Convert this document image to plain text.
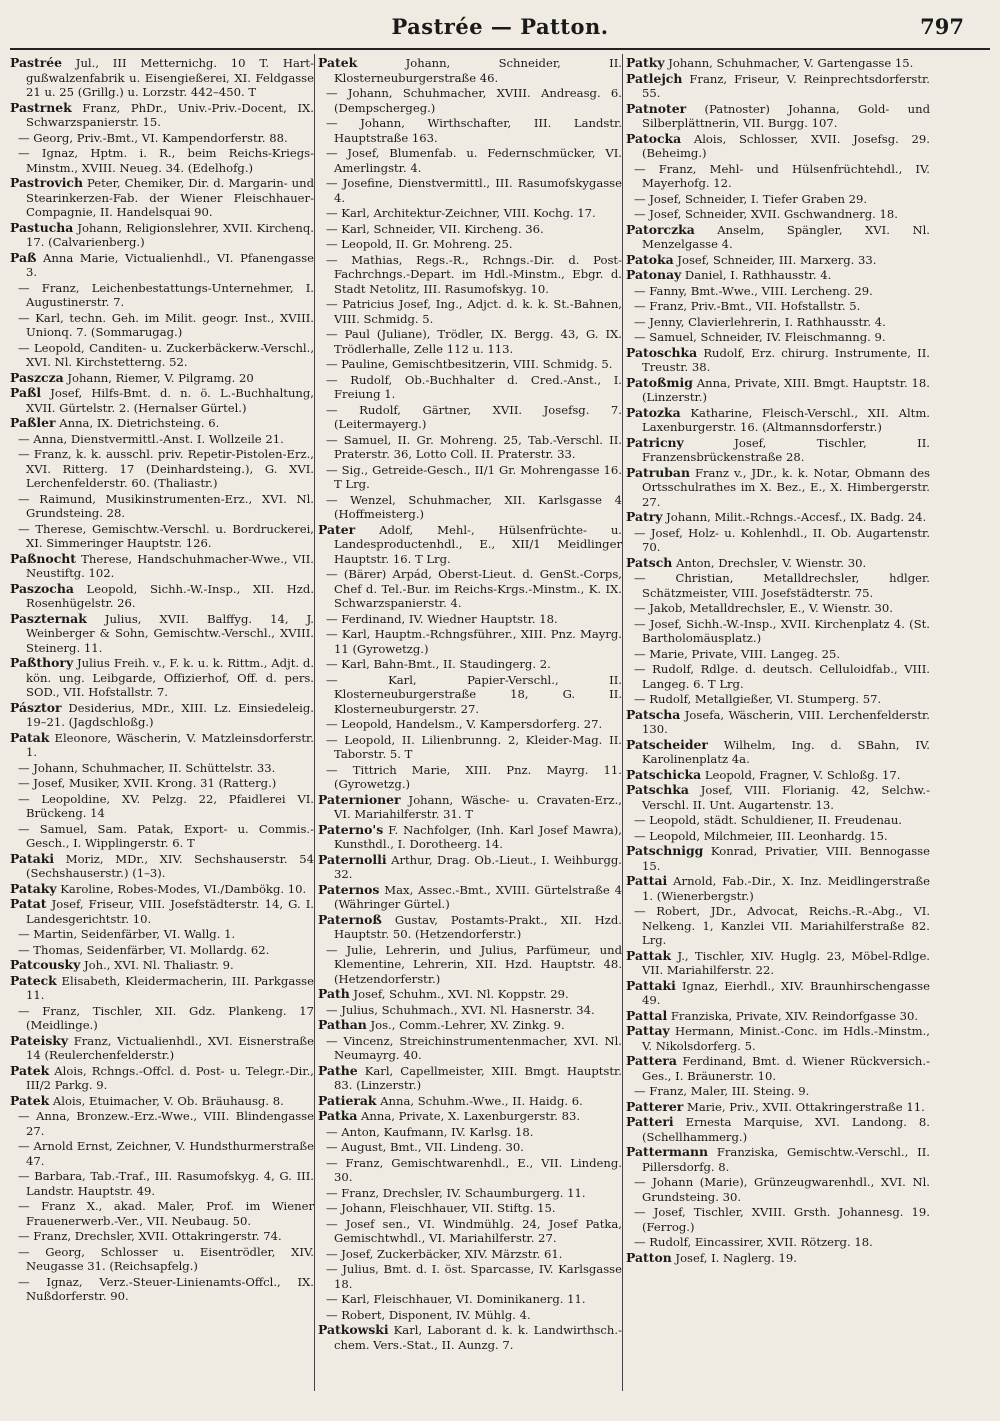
Pastrée — Patton.	797
Pastrée Jul., III Metternichg. 10 T. Hart-gußwalzenfabrik u. Eisengießerei, XI. Feldgasse 21 u. 25 (Grillg.) u. Lorzstr. 442–450. T
Pastrnek Franz, PhDr., Univ.-Priv.-Docent, IX. Schwarzspanierstr. 15.
— Georg, Priv.-Bmt., VI. Kampendorferstr. 88.
— Ignaz, Hptm. i. R., beim Reichs-Kriegs-Minstm., XVIII. Neueg. 34. (Edelhofg.)
Pastrovich Peter, Chemiker, Dir. d. Margarin- und Stearinkerzen-Fab. der Wiener Fleischhauer-Compagnie, II. Handelsquai 90.
Pastucha Johann, Religionslehrer, XVII. Kirchenq. 17. (Calvarienberg.)
Paß Anna Marie, Victualienhdl., VI. Pfanengasse 3.
— Franz, Leichenbestattungs-Unternehmer, I. Augustinerstr. 7.
— Karl, techn. Geh. im Milit. geogr. Inst., XVIII. Unionq. 7. (Sommarugag.)
— Leopold, Canditen- u. Zuckerbäckerw.-Verschl., XVI. Nl. Kirchstetterng. 52.
Paszcza Johann, Riemer, V. Pilgramg. 20
Paßl Josef, Hilfs-Bmt. d. n. ö. L.-Buchhaltung, XVII. Gürtelstr. 2. (Hernalser Gürtel.)
Paßler Anna, IX. Dietrichsteing. 6.
— Anna, Dienstvermittl.-Anst. I. Wollzeile 21.
— Franz, k. k. ausschl. priv. Repetir-Pistolen-Erz., XVI. Ritterg. 17 (Deinhardsteing.), G. XVI. Lerchenfelderstr. 60. (Thaliastr.)
— Raimund, Musikinstrumenten-Erz., XVI. Nl. Grundsteing. 28.
— Therese, Gemischtw.-Verschl. u. Bordruckerei, XI. Simmeringer Hauptstr. 126.
Paßnocht Therese, Handschuhmacher-Wwe., VII. Neustiftg. 102.
Paszocha Leopold, Sichh.-W.-Insp., XII. Hzd. Rosenhügelstr. 26.
Paszternak Julius, XVII. Balffyg. 14, J. Weinberger & Sohn, Gemischtw.-Verschl., XVIII. Steinerg. 11.
Paßthory Julius Freih. v., F. k. u. k. Rittm., Adjt. d. kön. ung. Leibgarde, Offizierhof, Off. d. pers. SOD., VII. Hofstallstr. 7.
Pásztor Desiderius, MDr., XIII. Lz. Einsiedeleig. 19–21. (Jagdschloßg.)
Patak Eleonore, Wäscherin, V. Matzleinsdorferstr. 1.
— Johann, Schuhmacher, II. Schüttelstr. 33.
— Josef, Musiker, XVII. Krong. 31 (Ratterg.)
— Leopoldine, XV. Pelzg. 22, Pfaidlerei VI. Brückeng. 14
— Samuel, Sam. Patak, Export- u. Commis.-Gesch., I. Wipplingerstr. 6. T
Pataki Moriz, MDr., XIV. Sechshauserstr. 54 (Sechshauserstr.) (1–3).
Pataky Karoline, Robes-Modes, VI./Dambökg. 10.
Patat Josef, Friseur, VIII. Josefstädterstr. 14, G. I. Landesgerichtstr. 10.
— Martin, Seidenfärber, VI. Wallg. 1.
— Thomas, Seidenfärber, VI. Mollardg. 62.
Patcousky Joh., XVI. Nl. Thaliastr. 9.
Pateck Elisabeth, Kleidermacherin, III. Parkgasse 11.
— Franz, Tischler, XII. Gdz. Plankeng. 17 (Meidlinge.)
Pateisky Franz, Victualienhdl., XVI. Eisnerstraße 14 (Reulerchenfelderstr.)
Patek Alois, Rchngs.-Offcl. d. Post- u. Telegr.-Dir., III/2 Parkg. 9.
Patek Alois, Etuimacher, V. Ob. Bräuhausg. 8.
— Anna, Bronzew.-Erz.-Wwe., VIII. Blindengasse 27.
— Arnold Ernst, Zeichner, V. Hundsthurmerstraße 47.
— Barbara, Tab.-Traf., III. Rasumofskyg. 4, G. III. Landstr. Hauptstr. 49.
— Franz X., akad. Maler, Prof. im Wiener Frauenerwerb.-Ver., VII. Neubaug. 50.
— Franz, Drechsler, XVII. Ottakringerstr. 74.
— Georg, Schlosser u. Eisentrödler, XIV. Neugasse 31. (Reichsapfelg.)
— Ignaz, Verz.-Steuer-Linienamts-Offcl., IX. Nußdorferstr. 90.
Patek Johann, Schneider, II. Klosterneuburgerstraße 46.
— Johann, Schuhmacher, XVIII. Andreasg. 6. (Dempschergeg.)
— Johann, Wirthschafter, III. Landstr. Hauptstraße 163.
— Josef, Blumenfab. u. Federnschmücker, VI. Amerlingstr. 4.
— Josefine, Dienstvermittl., III. Rasumofskygasse 4.
— Karl, Architektur-Zeichner, VIII. Kochg. 17.
— Karl, Schneider, VII. Kircheng. 36.
— Leopold, II. Gr. Mohreng. 25.
— Mathias, Regs.-R., Rchngs.-Dir. d. Post-Fachrchngs.-Depart. im Hdl.-Minstm., Ebgr. d. Stadt Netolitz, III. Rasumofskyg. 10.
— Patricius Josef, Ing., Adjct. d. k. k. St.-Bahnen, VIII. Schmidg. 5.
— Paul (Juliane), Trödler, IX. Bergg. 43, G. IX. Trödlerhalle, Zelle 112 u. 113.
— Pauline, Gemischtbesitzerin, VIII. Schmidg. 5.
— Rudolf, Ob.-Buchhalter d. Cred.-Anst., I. Freiung 1.
— Rudolf, Gärtner, XVII. Josefsg. 7. (Leitermayerg.)
— Samuel, II. Gr. Mohreng. 25, Tab.-Verschl. II. Praterstr. 36, Lotto Coll. II. Praterstr. 33.
— Sig., Getreide-Gesch., II/1 Gr. Mohrengasse 16. T Lrg.
— Wenzel, Schuhmacher, XII. Karlsgasse 4 (Hoffmeisterg.)
Pater Adolf, Mehl-, Hülsenfrüchte- u. Landesproductenhdl., E., XII/1 Meidlinger Hauptstr. 16. T Lrg.
— (Bärer) Arpád, Oberst-Lieut. d. GenSt.-Corps, Chef d. Tel.-Bur. im Reichs-Krgs.-Minstm., K. IX. Schwarzspanierstr. 4.
— Ferdinand, IV. Wiedner Hauptstr. 18.
— Karl, Hauptm.-Rchngsführer., XIII. Pnz. Mayrg. 11 (Gyrowetzg.)
— Karl, Bahn-Bmt., II. Staudingerg. 2.
— Karl, Papier-Verschl., II. Klosterneuburgerstraße 18, G. II. Klosterneuburgerstr. 27.
— Leopold, Handelsm., V. Kampersdorferg. 27.
— Leopold, II. Lilienbrunng. 2, Kleider-Mag. II. Taborstr. 5. T
— Tittrich Marie, XIII. Pnz. Mayrg. 11. (Gyrowetzg.)
Paternioner Johann, Wäsche- u. Cravaten-Erz., VI. Mariahilferstr. 31. T
Paterno's F. Nachfolger, (Inh. Karl Josef Mawra), Kunsthdl., I. Dorotheerg. 14.
Paternolli Arthur, Drag. Ob.-Lieut., I. Weihburgg. 32.
Paternos Max, Assec.-Bmt., XVIII. Gürtelstraße 4 (Währinger Gürtel.)
Paternoß Gustav, Postamts-Prakt., XII. Hzd. Hauptstr. 50. (Hetzendorferstr.)
— Julie, Lehrerin, und Julius, Parfümeur, und Klementine, Lehrerin, XII. Hzd. Hauptstr. 48. (Hetzendorferstr.)
Path Josef, Schuhm., XVI. Nl. Koppstr. 29.
— Julius, Schuhmach., XVI. Nl. Hasnerstr. 34.
Pathan Jos., Comm.-Lehrer, XV. Zinkg. 9.
— Vincenz, Streichinstrumentenmacher, XVI. Nl. Neumayrg. 40.
Pathe Karl, Capellmeister, XIII. Bmgt. Hauptstr. 83. (Linzerstr.)
Patierak Anna, Schuhm.-Wwe., II. Haidg. 6.
Patka Anna, Private, X. Laxenburgerstr. 83.
— Anton, Kaufmann, IV. Karlsg. 18.
— August, Bmt., VII. Lindeng. 30.
— Franz, Gemischtwarenhdl., E., VII. Lindeng. 30.
— Franz, Drechsler, IV. Schaumburgerg. 11.
— Johann, Fleischhauer, VII. Stiftg. 15.
— Josef sen., VI. Windmühlg. 24, Josef Patka, Gemischtwhdl., VI. Mariahilferstr. 27.
— Josef, Zuckerbäcker, XIV. Märzstr. 61.
— Julius, Bmt. d. I. öst. Sparcasse, IV. Karlsgasse 18.
— Karl, Fleischhauer, VI. Dominikanerg. 11.
— Robert, Disponent, IV. Mühlg. 4.
Patkowski Karl, Laborant d. k. k. Landwirthsch.-chem. Vers.-Stat., II. Aunzg. 7.
Patky Johann, Schuhmacher, V. Gartengasse 15.
Patlejch Franz, Friseur, V. Reinprechtsdorferstr. 55.
Patnoter (Patnoster) Johanna, Gold- und Silberplättnerin, VII. Burgg. 107.
Patocka Alois, Schlosser, XVII. Josefsg. 29. (Beheimg.)
— Franz, Mehl- und Hülsenfrüchtehdl., IV. Mayerhofg. 12.
— Josef, Schneider, I. Tiefer Graben 29.
— Josef, Schneider, XVII. Gschwandnerg. 18.
Patorczka Anselm, Spängler, XVI. Nl. Menzelgasse 4.
Patoka Josef, Schneider, III. Marxerg. 33.
Patonay Daniel, I. Rathhausstr. 4.
— Fanny, Bmt.-Wwe., VIII. Lercheng. 29.
— Franz, Priv.-Bmt., VII. Hofstallstr. 5.
— Jenny, Clavierlehrerin, I. Rathhausstr. 4.
— Samuel, Schneider, IV. Fleischmanng. 9.
Patoschka Rudolf, Erz. chirurg. Instrumente, II. Treustr. 38.
Patoßmig Anna, Private, XIII. Bmgt. Hauptstr. 18. (Linzerstr.)
Patozka Katharine, Fleisch-Verschl., XII. Altm. Laxenburgerstr. 16. (Altmannsdorferstr.)
Patricny Josef, Tischler, II. Franzensbrückenstraße 28.
Patruban Franz v., JDr., k. k. Notar, Obmann des Ortsschulrathes im X. Bez., E., X. Himbergerstr. 27.
Patry Johann, Milit.-Rchngs.-Accesf., IX. Badg. 24.
— Josef, Holz- u. Kohlenhdl., II. Ob. Augartenstr. 70.
Patsch Anton, Drechsler, V. Wienstr. 30.
— Christian, Metalldrechsler, hdlger. Schätzmeister, VIII. Josefstädterstr. 75.
— Jakob, Metalldrechsler, E., V. Wienstr. 30.
— Josef, Sichh.-W.-Insp., XVII. Kirchenplatz 4. (St. Bartholomäusplatz.)
— Marie, Private, VIII. Langeg. 25.
— Rudolf, Rdlge. d. deutsch. Celluloidfab., VIII. Langeg. 6. T Lrg.
— Rudolf, Metallgießer, VI. Stumperg. 57.
Patscha Josefa, Wäscherin, VIII. Lerchenfelderstr. 130.
Patscheider Wilhelm, Ing. d. SBahn, IV. Karolinenplatz 4a.
Patschicka Leopold, Fragner, V. Schloßg. 17.
Patschka Josef, VIII. Florianig. 42, Selchw.-Verschl. II. Unt. Augartenstr. 13.
— Leopold, städt. Schuldiener, II. Freudenau.
— Leopold, Milchmeier, III. Leonhardg. 15.
Patschnigg Konrad, Privatier, VIII. Bennogasse 15.
Pattai Arnold, Fab.-Dir., X. Inz. Meidlingerstraße 1. (Wienerbergstr.)
— Robert, JDr., Advocat, Reichs.-R.-Abg., VI. Nelkeng. 1, Kanzlei VII. Mariahilferstraße 82. Lrg.
Pattak J., Tischler, XIV. Huglg. 23, Möbel-Rdlge. VII. Mariahilferstr. 22.
Pattaki Ignaz, Eierhdl., XIV. Braunhirschengasse 49.
Pattal Franziska, Private, XIV. Reindorfgasse 30.
Pattay Hermann, Minist.-Conc. im Hdls.-Minstm., V. Nikolsdorferg. 5.
Pattera Ferdinand, Bmt. d. Wiener Rückversich.-Ges., I. Bräunerstr. 10.
— Franz, Maler, III. Steing. 9.
Patterer Marie, Priv., XVII. Ottakringerstraße 11.
Patteri Ernesta Marquise, XVI. Landong. 8. (Schellhammerg.)
Pattermann Franziska, Gemischtw.-Verschl., II. Pillersdorfg. 8.
— Johann (Marie), Grünzeugwarenhdl., XVI. Nl. Grundsteing. 30.
— Josef, Tischler, XVIII. Grsth. Johannesg. 19. (Ferrog.)
— Rudolf, Eincassirer, XVII. Rötzerg. 18.
Patton Josef, I. Naglerg. 19.
